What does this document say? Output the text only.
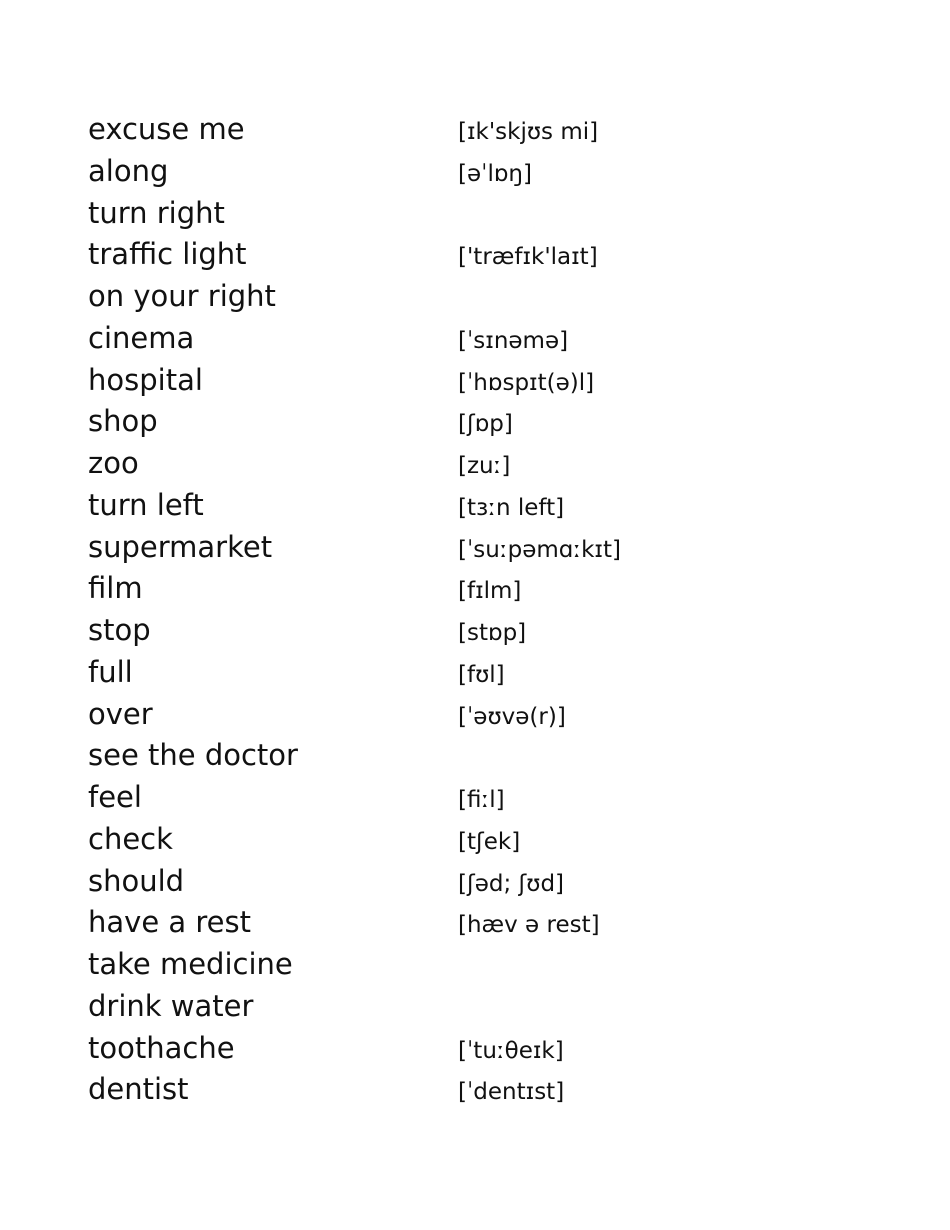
excuse me	[ɪk'skjʊs mi]
along	[əˈlɒŋ]
turn right
traffic light	['træfɪk'laɪt]
on your right
cinema	[ˈsɪnəmə]
hospital	[ˈhɒspɪt(ə)l]
shop	[ʃɒp]
zoo	[zuː]
turn left	[tɜːn left]
supermarket	[ˈsuːpəmɑːkɪt]
film	[fɪlm]
stop	[stɒp]
full	[fʊl]
over	[ˈəʊvə(r)]
see the doctor
feel	[fiːl]
check	[tʃek]
should	[ʃəd; ʃʊd]
have a rest	[hæv ə rest]
take medicine
drink water
toothache	[ˈtuːθeɪk]
dentist	[ˈdentɪst]
